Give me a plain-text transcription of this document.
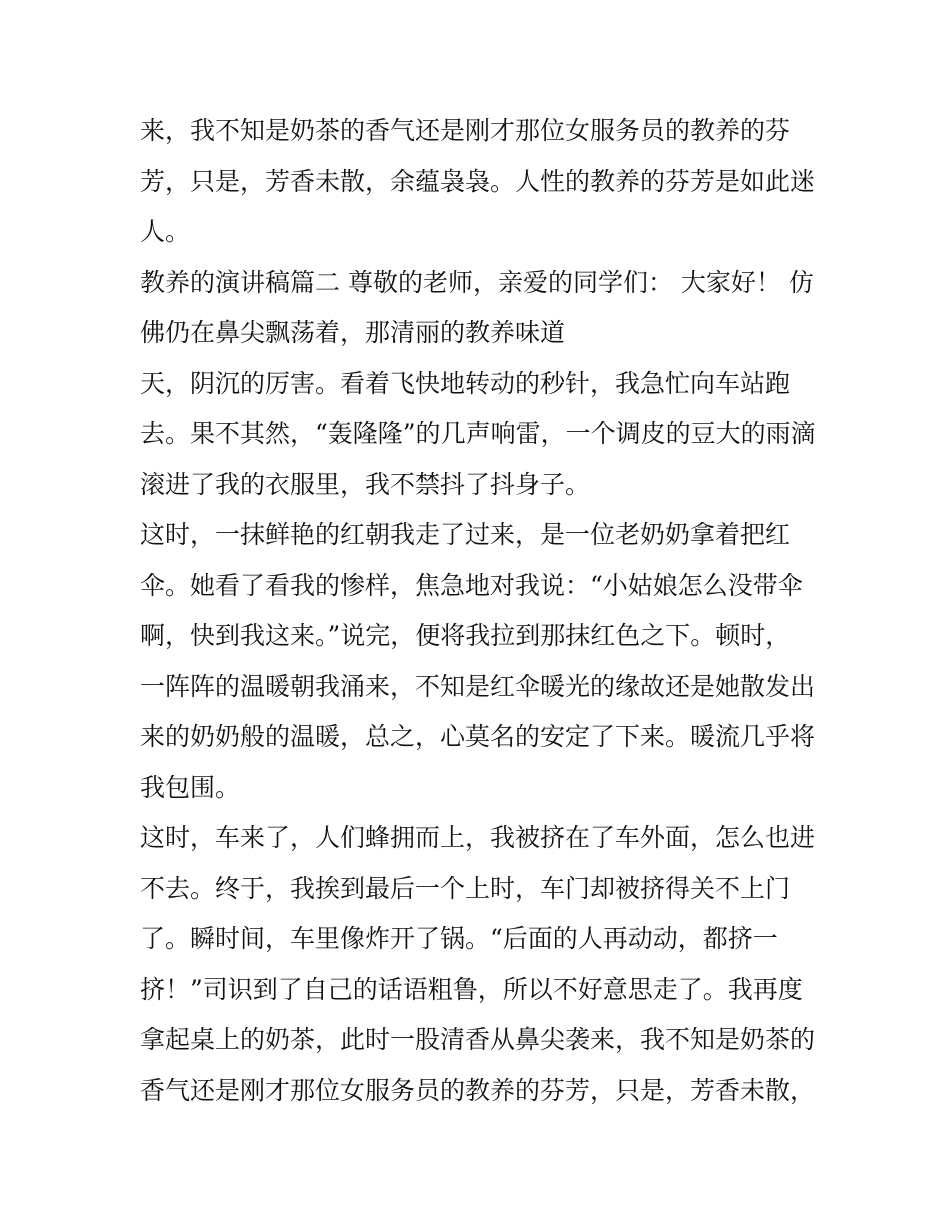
来，我不知是奶茶的香气还是刚才那位女服务员的教养的芬
芳，只是，芳香未散，余蕴袅袅。人性的教养的芬芳是如此迷
人。
教养的演讲稿篇二 尊敬的老师，亲爱的同学们： 大家好！ 仿
佛仍在鼻尖飘荡着，那清丽的教养味道
天，阴沉的厉害。看着飞快地转动的秒针，我急忙向车站跑
去。果不其然，“轰隆隆”的几声响雷，一个调皮的豆大的雨滴
滚进了我的衣服里，我不禁抖了抖身子。
这时，一抹鲜艳的红朝我走了过来，是一位老奶奶拿着把红
伞。她看了看我的惨样，焦急地对我说：“小姑娘怎么没带伞
啊，快到我这来。”说完，便将我拉到那抹红色之下。顿时，
一阵阵的温暖朝我涌来，不知是红伞暖光的缘故还是她散发出
来的奶奶般的温暖，总之，心莫名的安定了下来。暖流几乎将
我包围。
这时，车来了，人们蜂拥而上，我被挤在了车外面，怎么也进
不去。终于，我挨到最后一个上时，车门却被挤得关不上门
了。瞬时间，车里像炸开了锅。“后面的人再动动，都挤一
挤！”司识到了自己的话语粗鲁，所以不好意思走了。我再度
拿起桌上的奶茶，此时一股清香从鼻尖袭来，我不知是奶茶的
香气还是刚才那位女服务员的教养的芬芳，只是，芳香未散，
